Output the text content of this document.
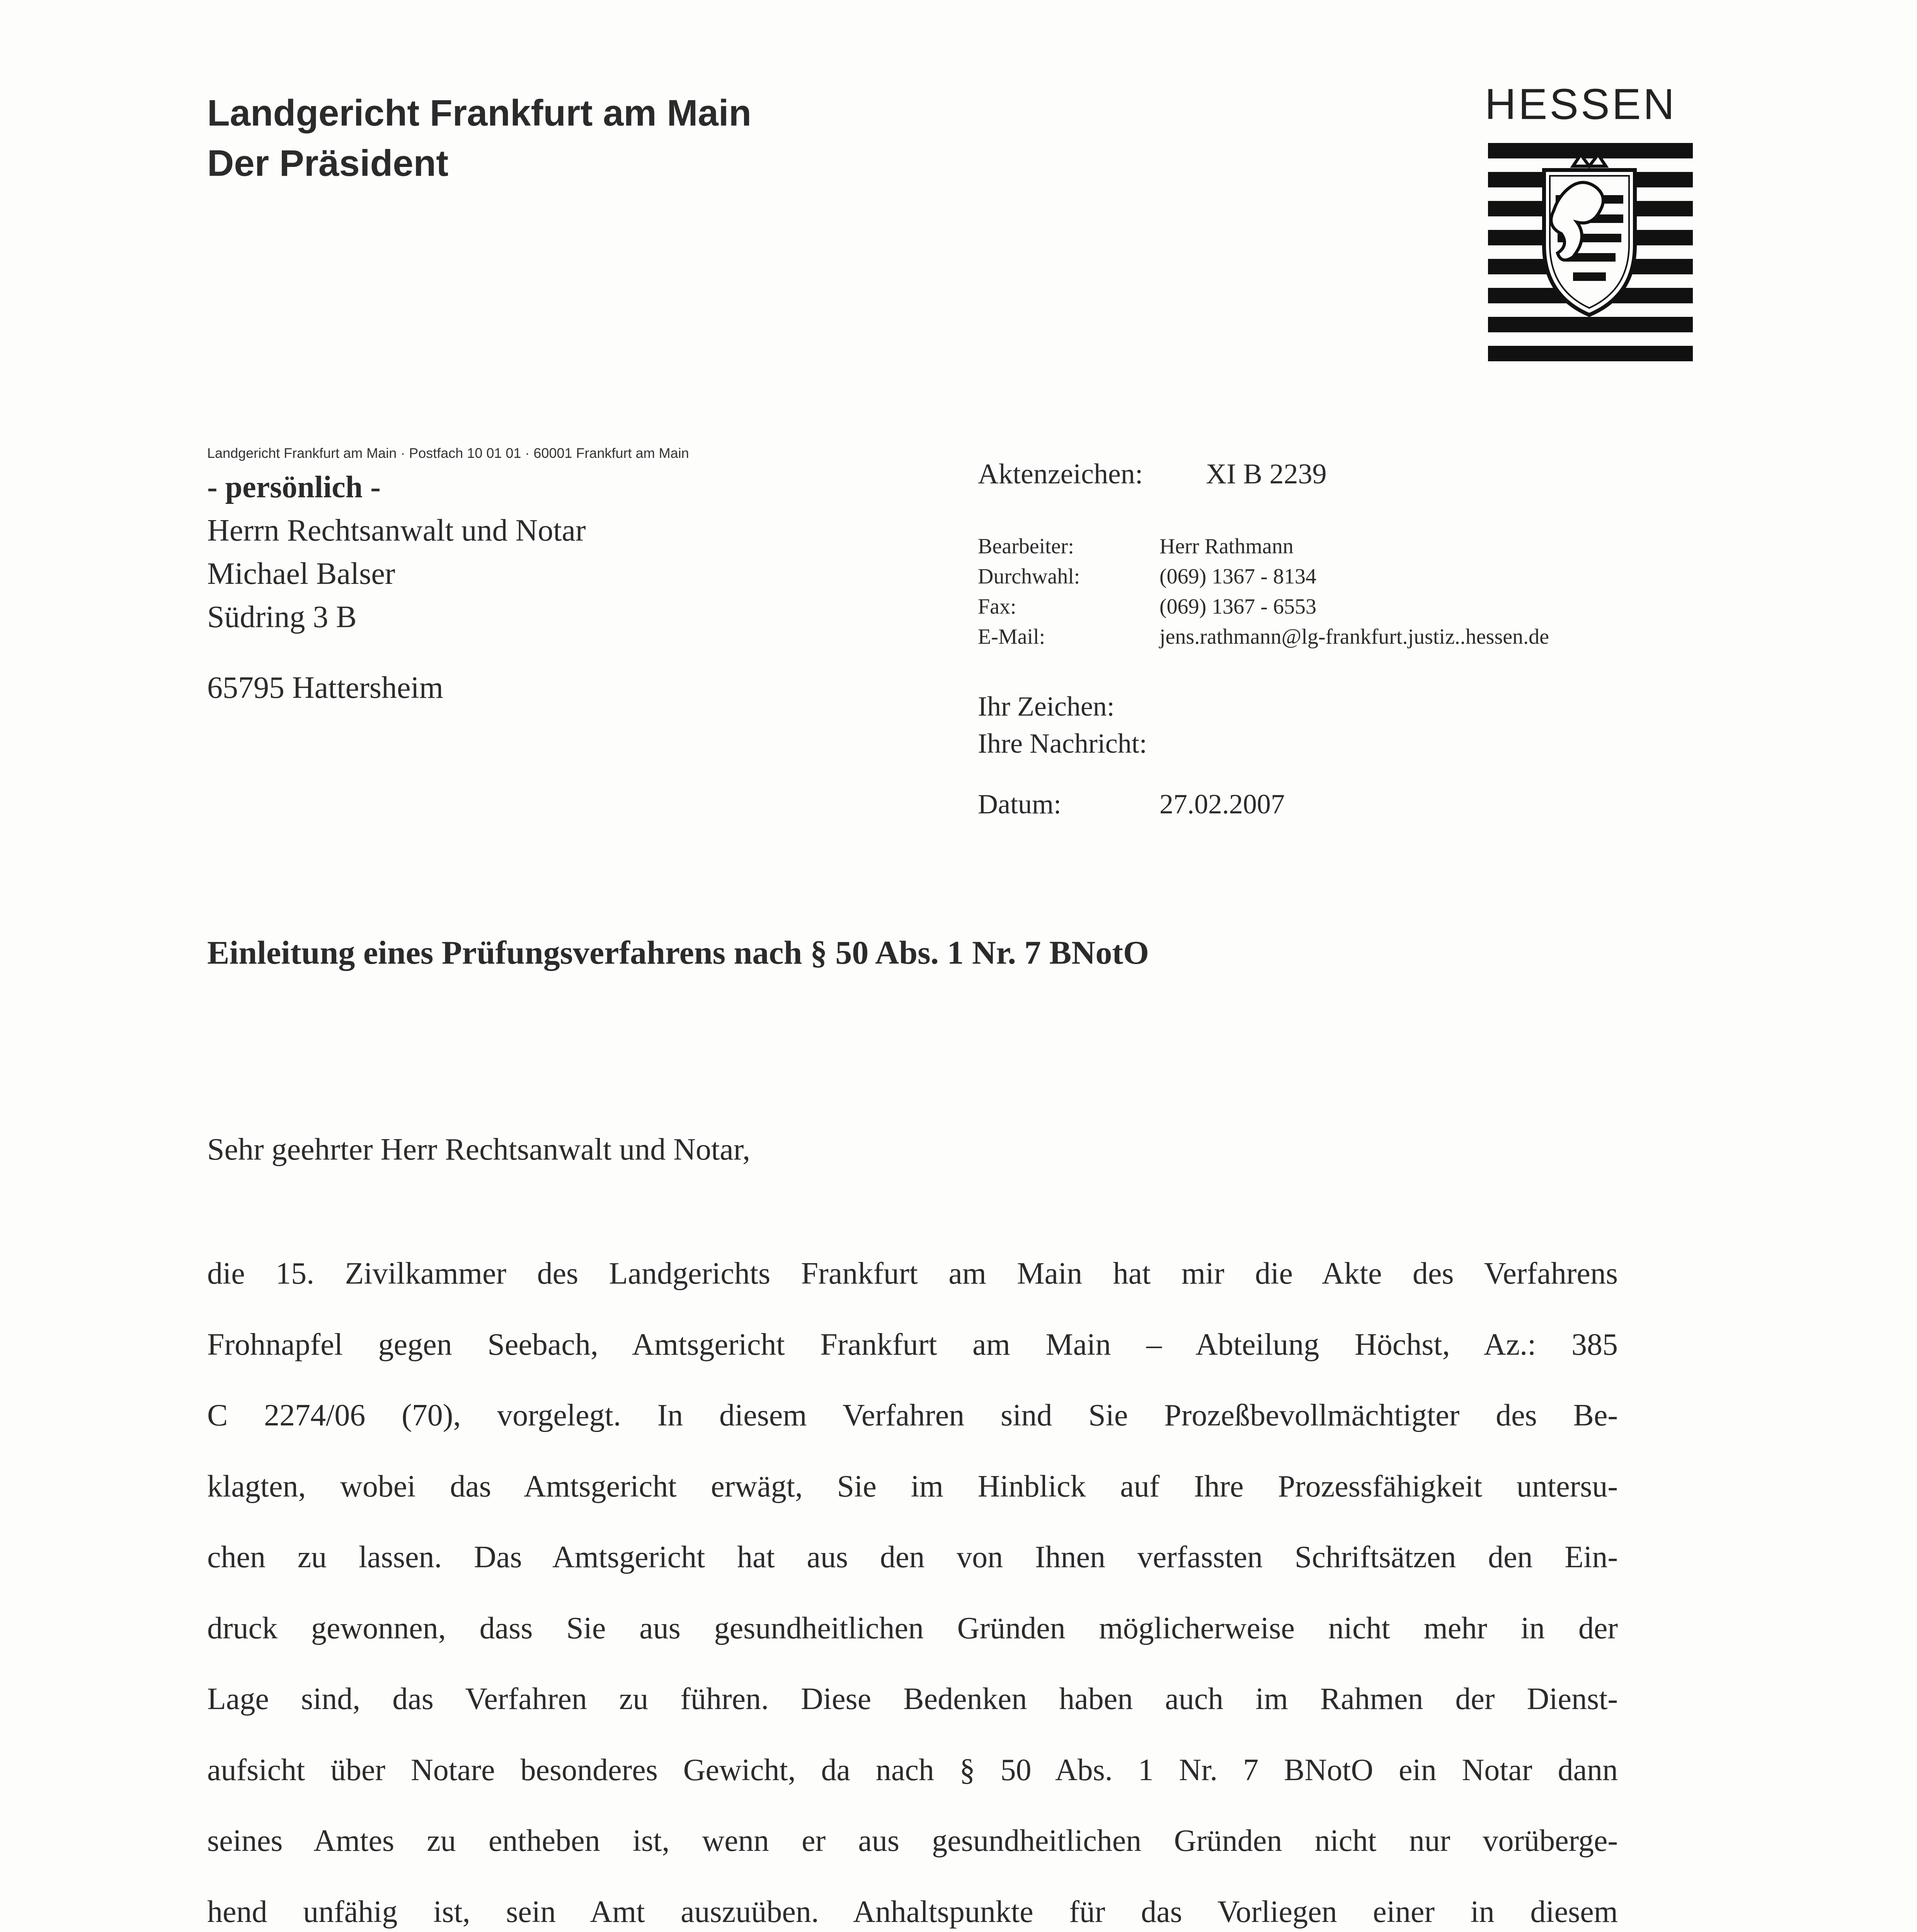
Landgericht Frankfurt am Main
Der Präsident
HESSEN
Landgericht Frankfurt am Main · Postfach 10 01 01 · 60001 Frankfurt am Main
- persönlich -
Herrn Rechtsanwalt und Notar
Michael Balser
Südring 3 B
65795 Hattersheim
Aktenzeichen: XI B 2239
Bearbeiter:	Herr Rathmann
Durchwahl:	(069) 1367 - 8134
Fax:	(069) 1367 - 6553
E-Mail:	jens.rathmann@lg-frankfurt.justiz..hessen.de
Ihr Zeichen:
Ihre Nachricht:
Datum:	27.02.2007
Einleitung eines Prüfungsverfahrens nach § 50 Abs. 1 Nr. 7 BNotO
Sehr geehrter Herr Rechtsanwalt und Notar,
die 15. Zivilkammer des Landgerichts Frankfurt am Main hat mir die Akte des Verfahrens
Frohnapfel gegen Seebach, Amtsgericht Frankfurt am Main – Abteilung Höchst, Az.: 385
C 2274/06 (70), vorgelegt. In diesem Verfahren sind Sie Prozeßbevollmächtigter des Be-
klagten, wobei das Amtsgericht erwägt, Sie im Hinblick auf Ihre Prozessfähigkeit untersu-
chen zu lassen. Das Amtsgericht hat aus den von Ihnen verfassten Schriftsätzen den Ein-
druck gewonnen, dass Sie aus gesundheitlichen Gründen möglicherweise nicht mehr in der
Lage sind, das Verfahren zu führen. Diese Bedenken haben auch im Rahmen der Dienst-
aufsicht über Notare besonderes Gewicht, da nach § 50 Abs. 1 Nr. 7 BNotO ein Notar dann
seines Amtes zu entheben ist, wenn er aus gesundheitlichen Gründen nicht nur vorüberge-
hend unfähig ist, sein Amt auszuüben. Anhaltspunkte für das Vorliegen einer in diesem
